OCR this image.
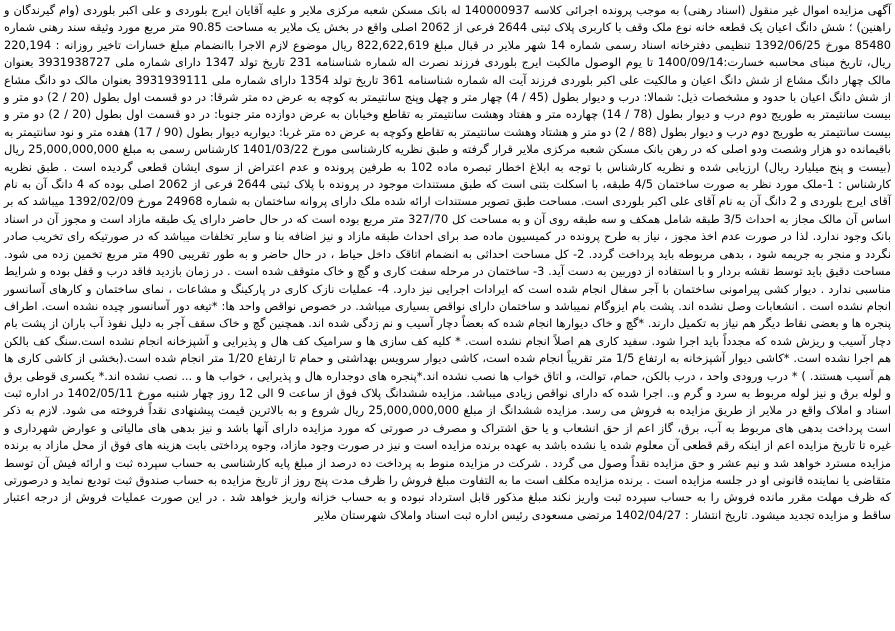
آگهی مزایده اموال غیر منقول (اسناد رهنی) به موجب پرونده اجرائی کلاسه 140000937 له بانک مسکن شعبه مرکزی ملایر و علیه آقایان ایرج بلوردی و علی اکبر بلوردی (وام گیرندگان و راهنین) ؛ شش دانگ اعیان یک قطعه خانه نوع ملک وقف با کاربری پلاک ثبتی 2644 فرعی از 2062 اصلی واقع در بخش یک ملایر به مساحت 90.85 متر مربع مورد وثیقه سند رهنی شماره 85480 مورخ 1392/06/25 تنظیمی دفترخانه اسناد رسمی شماره 14 شهر ملایر در قبال مبلغ 822,622,619 ریال موضوع لازم الاجرا باانضمام مبلغ خسارات تاخیر روزانه : 220,194 ریال، تاریخ مبنای محاسبه خسارت:1400/09/14 تا یوم الوصول مالکیت ایرج بلوردی فرزند نصرت اله شماره شناسنامه 231 تاریخ تولد 1347 دارای شماره ملی 3931938727 بعنوان مالک چهار دانگ مشاع از شش دانگ اعیان و مالکیت علی اکبر بلوردی فرزند آیت اله شماره شناسنامه 361 تاریخ تولد 1354 دارای شماره ملی 3931939111 بعنوان مالک دو دانگ مشاع از شش دانگ اعیان با حدود و مشخصات ذیل: شمالا: درب و دیوار بطول (45 / 4) چهار متر و چهل وپنج سانتیمتر به کوچه به عرض ده متر شرقا: در دو قسمت اول بطول (20 / 2) دو متر و بیست سانتیمتر به طوریج دوم درب و دیوار بطول (78 / 14) چهارده متر و هفتاد وهشت سانتیمتر به تقاطع وخیابان به عرض دوازده متر جنوبا: در دو قسمت اول بطول (20 / 2) دو متر و بیست سانتیمتر به طوریج دوم درب و دیوار بطول (88 / 2) دو متر و هشتاد وهشت سانتیمتر به تقاطع وکوچه به عرض ده متر غربا: دیواریه دیوار بطول (90 / 17) هفده متر و نود سانتیمتر به باقیمانده دو هزار وشصت ودو اصلی که در رهن بانک مسکن شعبه مرکزی ملایر قرار گرفته و طبق نظریه کارشناسی مورخ 1401/03/22 کارشناس رسمی به مبلغ 25,000,000,000 ریال (بیست و پنج میلیارد ریال) ارزیابی شده و نظریه کارشناس با توجه به ابلاغ اخطار تبصره ماده 102 به طرفین پرونده و عدم اعتراض از سوی ایشان قطعی گردیده است . طبق نظریه کارشناس : 1-ملک مورد نظر به صورت ساختمان 4/5 طبقه، با اسکلت بتنی است که طبق مستندات موجود در پرونده با پلاک ثبتی 2644 فرعی از 2062 اصلی بوده که 4 دانگ آن به نام آقای ایرج بلوردی و 2 دانگ آن به نام آقای علی اکبر بلوردی است. مساحت طبق تصویر مستندات ارائه شده ملک دارای پروانه ساختمان به شماره 24968 مورخ 1392/02/09 میباشد که بر اساس آن مالک مجاز به احداث 3/5 طبقه شامل همکف و سه طبقه روی آن و به مساحت کل 327/70 متر مربع بوده است که در حال حاضر دارای یک طبقه مازاد است و مجوز آن در اسناد بانک وجود ندارد. لذا در صورت عدم اخذ مجوز ، نیاز به طرح پرونده در کمیسیون ماده صد برای احداث طبقه مازاد و نیز اضافه بنا و سایر تخلفات میباشد که در صورتیکه رای تخریب صادر نگردد و منجر به جریمه شود ، بدهی مربوطه باید پرداخت گردد. 2- کل مساحت احداثی به انضمام اتاقک داخل حیاط ، در حال حاضر و به طور تقریبی 490 متر مربع تخمین زده می شود. مساحت دقیق باید توسط نقشه بردار و با استفاده از دوربین به دست آید. 3- ساختمان در مرحله سفت کاری و گچ و خاک متوقف شده است . در زمان بازدید فاقد درب و قفل بوده و شرایط مناسبی ندارد . دیوار کشی پیرامونی ساختمان با آجر سفال انجام شده است که ایرادات اجرایی نیز دارد. 4- عملیات نازک کاری در پارکینگ و مشاعات ، نمای ساختمان و کارهای آسانسور انجام نشده است . انشعابات وصل نشده اند. پشت بام ایزوگام نمیباشد و ساختمان دارای نواقص بسیاری میباشد. در خصوص نواقص واحد ها: *تیغه دور آسانسور چیده نشده است. اطراف پنجره ها و بعضی نقاط دیگر هم نیاز به تکمیل دارند. *گچ و خاک دیوارها انجام شده که بعضاً دچار آسیب و نم زدگی شده اند. همچنین گچ و خاک سقف آجر به دلیل نفوذ آب باران از پشت بام دچار آسیب و ریزش شده که مجدداً باید اجرا شود. سفید کاری هم اصلاً انجام نشده است. * کلیه کف سازی ها و سرامیک کف هال و پذیرایی و آشپزخانه انجام نشده است.سنگ کف بالکن هم اجرا نشده است. *کاشی دیوار آشپزخانه به ارتفاع 1/5 متر تقریباً انجام شده است، کاشی دیوار سرویس بهداشتی و حمام تا ارتفاع 1/20 متر انجام شده است.(بخشی از کاشی کاری ها هم آسیب هستند. ) * درب ورودی واحد ، درب بالکن، حمام، توالت، و اتاق خواب ها نصب نشده اند.*پنجره های دوجداره هال و پذیرایی ، خواب ها و ... نصب نشده اند.* یکسری قوطی برق و لوله برق و نیز لوله مربوط به سرد و گرم و.. اجرا شده که دارای نواقص زیادی میباشد. مزایده ششدانگ پلاک فوق از ساعت 9 الی 12 روز چهار شنبه مورخ 1402/05/11 در اداره ثبت اسناد و املاک واقع در ملایر از طریق مزایده به فروش می رسد. مزایده ششدانگ از مبلغ 25,000,000,000 ریال شروع و به بالاترین قیمت پیشنهادی نقداً فروخته می شود. لازم به ذکر است پرداخت بدهی های مربوط به آب، برق، گاز اعم از حق انشعاب و یا حق اشتراک و مصرف در صورتی که مورد مزایده دارای آنها باشد و نیز بدهی های مالیاتی و عوارض شهرداری و غیره تا تاریخ مزایده اعم از اینکه رقم قطعی آن معلوم شده یا نشده باشد به عهده برنده مزایده است و نیز در صورت وجود مازاد، وجوه پرداختی بابت هزینه های فوق از محل مازاد به برنده مزایده مسترد خواهد شد و نیم عشر و حق مزایده نقداً وصول می گردد . شرکت در مزایده منوط به پرداخت ده درصد از مبلغ پایه کارشناسی به حساب سپرده ثبت و ارائه فیش آن توسط متقاضی یا نماینده قانونی او در جلسه مزایده است . برنده مزایده مکلف است ما به التفاوت مبلغ فروش را ظرف مدت پنج روز از تاریخ مزایده به حساب صندوق ثبت تودیع نماید و درصورتی که ظرف مهلت مقرر مانده فروش را به حساب سپرده ثبت واریز نکند مبلغ مذکور قابل استرداد نبوده و به حساب خزانه واریز خواهد شد . در این صورت عملیات فروش از درجه اعتبار ساقط و مزایده تجدید میشود. تاریخ انتشار : 1402/04/27 مرتضی مسعودی رئیس اداره ثبت اسناد واملاک شهرستان ملایر
